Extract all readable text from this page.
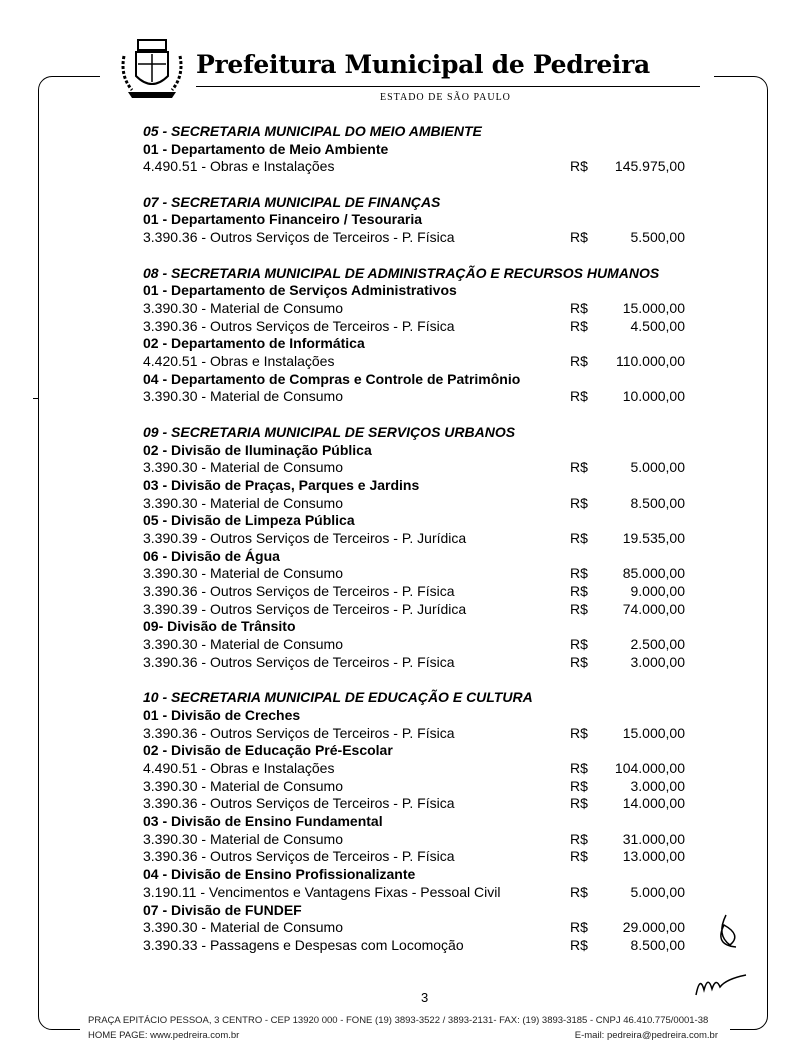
Prefeitura Municipal de Pedreira
ESTADO DE SÃO PAULO
05 - SECRETARIA MUNICIPAL DO MEIO AMBIENTE
01 - Departamento de Meio Ambiente
4.490.51 - Obras e Instalações	R$ 145.975,00
07 - SECRETARIA MUNICIPAL DE FINANÇAS
01 - Departamento Financeiro / Tesouraria
3.390.36 - Outros Serviços de Terceiros - P. Física	R$	5.500,00
08 - SECRETARIA MUNICIPAL DE ADMINISTRAÇÃO E RECURSOS HUMANOS
01 - Departamento de Serviços Administrativos
3.390.30 - Material de Consumo	R$ 15.000,00
3.390.36 - Outros Serviços de Terceiros - P. Física	R$	4.500,00
02 - Departamento de Informática
4.420.51 - Obras e Instalações	R$ 110.000,00
04 - Departamento de Compras e Controle de Patrimônio
3.390.30 - Material de Consumo	R$ 10.000,00
09 - SECRETARIA MUNICIPAL DE SERVIÇOS URBANOS
02 - Divisão de Iluminação Pública
3.390.30 - Material de Consumo	R$	5.000,00
03 - Divisão de Praças, Parques e Jardins
3.390.30 - Material de Consumo	R$	8.500,00
05 - Divisão de Limpeza Pública
3.390.39 - Outros Serviços de Terceiros - P. Jurídica	R$ 19.535,00
06 - Divisão de Água
3.390.30 - Material de Consumo	R$ 85.000,00
3.390.36 - Outros Serviços de Terceiros - P. Física	R$	9.000,00
3.390.39 - Outros Serviços de Terceiros - P. Jurídica	R$ 74.000,00
09- Divisão de Trânsito
3.390.30 - Material de Consumo	R$	2.500,00
3.390.36 - Outros Serviços de Terceiros - P. Física	R$	3.000,00
10 - SECRETARIA MUNICIPAL DE EDUCAÇÃO E CULTURA
01 - Divisão de Creches
3.390.36 - Outros Serviços de Terceiros - P. Física	R$ 15.000,00
02 - Divisão de Educação Pré-Escolar
4.490.51 - Obras e Instalações	R$ 104.000,00
3.390.30 - Material de Consumo	R$	3.000,00
3.390.36 - Outros Serviços de Terceiros - P. Física	R$ 14.000,00
03 - Divisão de Ensino Fundamental
3.390.30 - Material de Consumo	R$ 31.000,00
3.390.36 - Outros Serviços de Terceiros - P. Física	R$ 13.000,00
04 - Divisão de Ensino Profissionalizante
3.190.11 - Vencimentos e Vantagens Fixas - Pessoal Civil	R$	5.000,00
07 - Divisão de FUNDEF
3.390.30 - Material de Consumo	R$ 29.000,00
3.390.33 - Passagens e Despesas com Locomoção	R$	8.500,00
3
PRAÇA EPITÁCIO PESSOA, 3 CENTRO - CEP 13920 000 - FONE (19) 3893-3522 / 3893-2131- FAX: (19) 3893-3185 - CNPJ 46.410.775/0001-38
HOME PAGE: www.pedreira.com.br	E-mail: pedreira@pedreira.com.br
